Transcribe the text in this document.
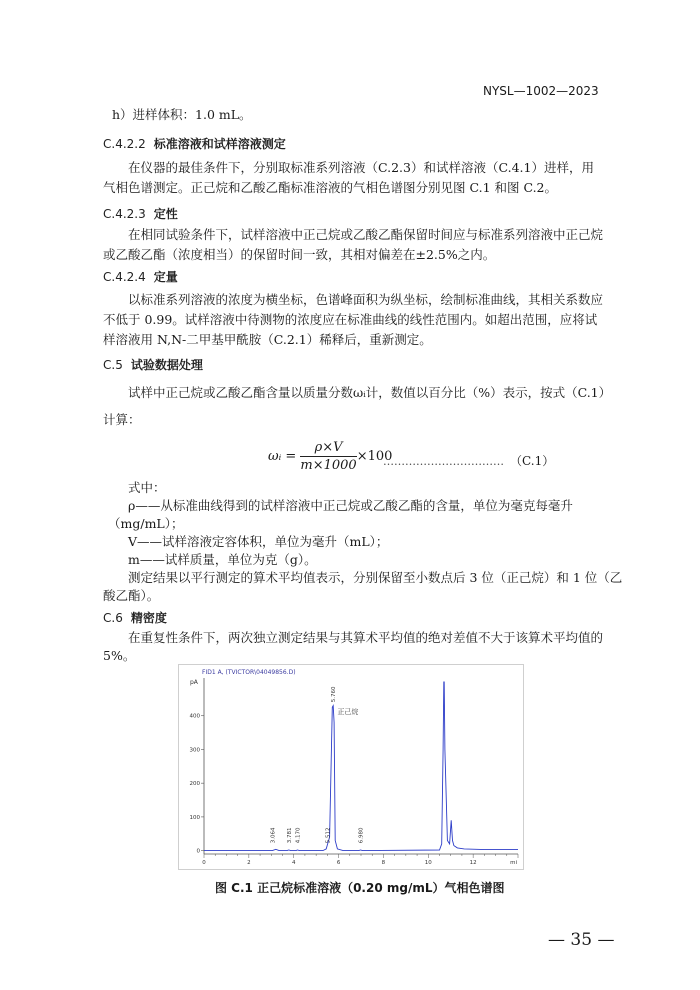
NYSL—1002—2023
h）进样体积：1.0 mL。
C.4.2.2 标准溶液和试样溶液测定
在仪器的最佳条件下，分别取标准系列溶液（C.2.3）和试样溶液（C.4.1）进样，用
气相色谱测定。正己烷和乙酸乙酯标准溶液的气相色谱图分别见图 C.1 和图 C.2。
C.4.2.3 定性
在相同试验条件下，试样溶液中正己烷或乙酸乙酯保留时间应与标准系列溶液中正己烷
或乙酸乙酯（浓度相当）的保留时间一致，其相对偏差在±2.5%之内。
C.4.2.4 定量
以标准系列溶液的浓度为横坐标，色谱峰面积为纵坐标，绘制标准曲线，其相关系数应
不低于 0.99。试样溶液中待测物的浓度应在标准曲线的线性范围内。如超出范围，应将试
样溶液用 N,N-二甲基甲酰胺（C.2.1）稀释后，重新测定。
C.5 试验数据处理
试样中正己烷或乙酸乙酯含量以质量分数ωᵢ计，数值以百分比（%）表示，按式（C.1）
计算：
ωᵢ = $\frac{\rho\times V}{m\times 1000} \times 100$
…………………………… （C.1）
式中：
ρ——从标准曲线得到的试样溶液中正己烷或乙酸乙酯的含量，单位为毫克每毫升
（mg/mL）；
V——试样溶液定容体积，单位为毫升（mL）；
m——试样质量，单位为克（g）。
测定结果以平行测定的算术平均值表示，分别保留至小数点后 3 位（正己烷）和 1 位（乙
酸乙酯）。
C.6 精密度
在重复性条件下，两次独立测定结果与其算术平均值的绝对差值不大于该算术平均值的
5%。
FID1 A, (TVICTOR\04049856.D)
pA
0
100
200
300
400
0	2	4	6	8	10	12	mi
3.064 3.781 4.170	5.512
5.760
6.980
正己烷
图 C.1 正己烷标准溶液（0.20 mg/mL）气相色谱图
— 35 —
